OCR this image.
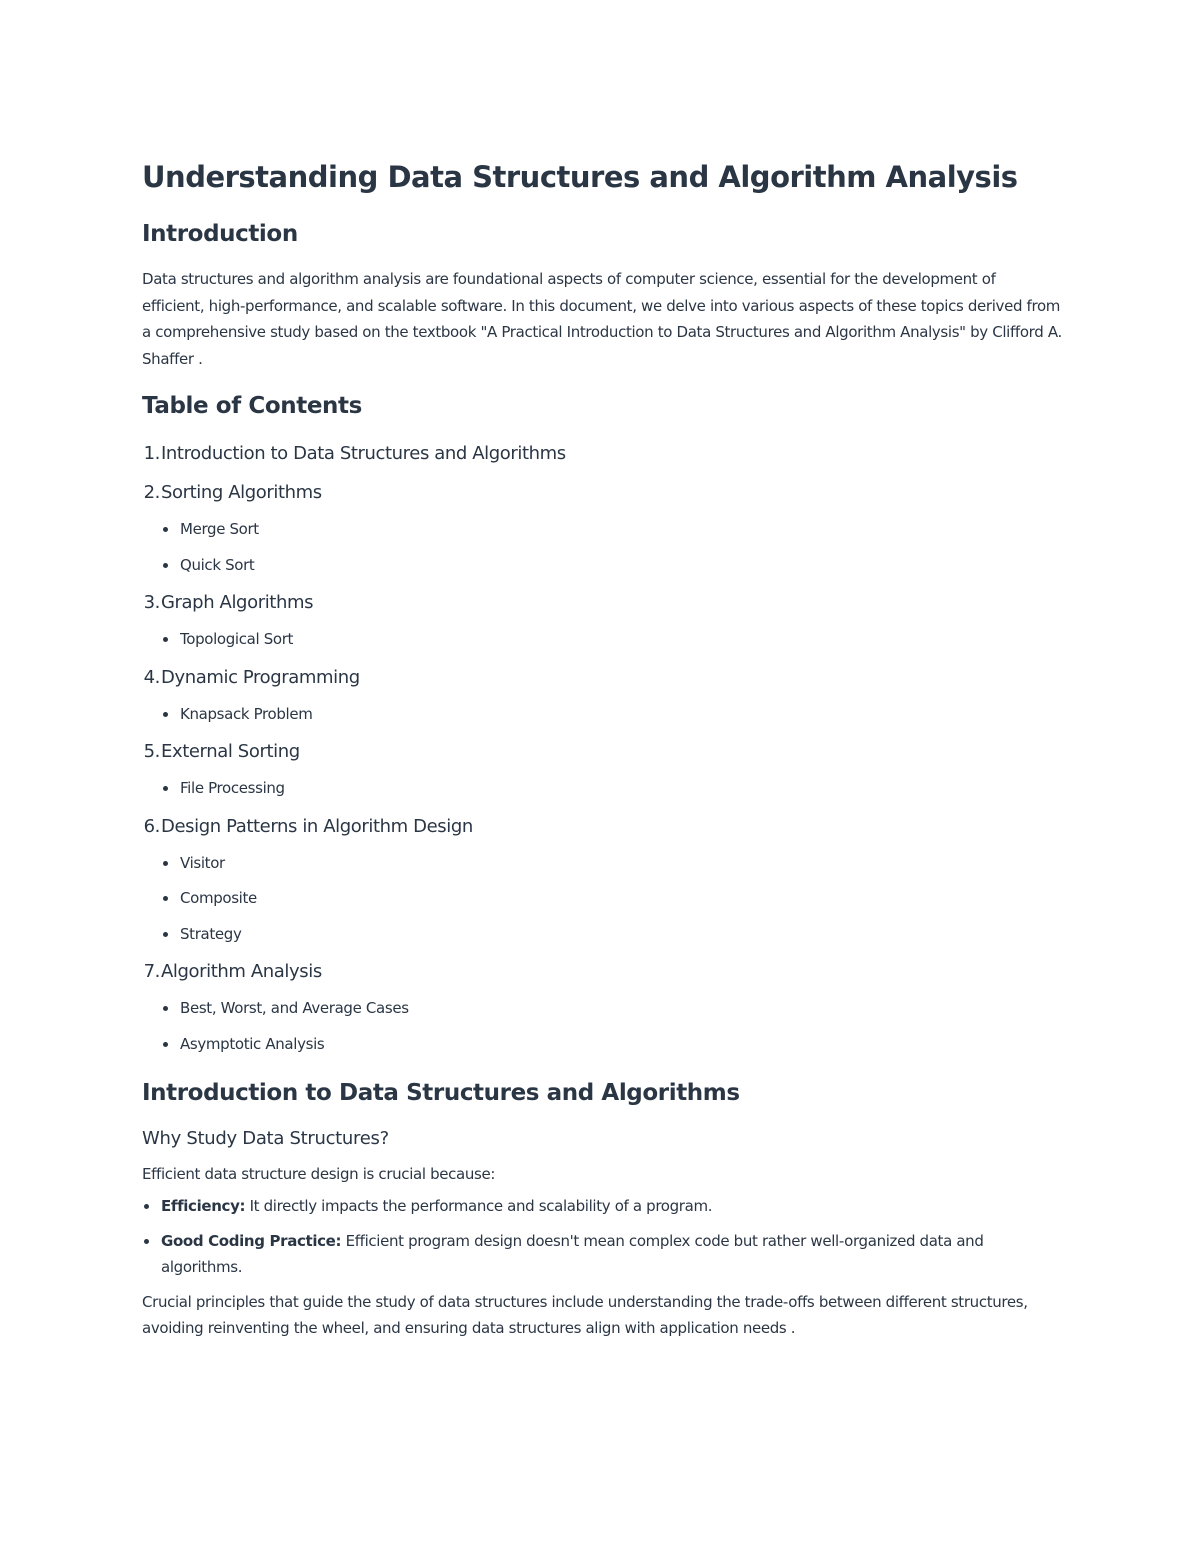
Understanding Data Structures and Algorithm Analysis
Introduction

Data structures and algorithm analysis are foundational aspects of computer science, essential for the development of efficient, high-performance, and scalable software. In this document, we delve into various aspects of these topics derived from a comprehensive study based on the textbook "A Practical Introduction to Data Structures and Algorithm Analysis" by Clifford A. Shaffer .

Table of Contents
1 . Introduction to Data Structures and Algorithms
2 . Sorting Algorithms
Merge Sort
Quick Sort
3 . Graph Algorithms
Topological Sort
4 . Dynamic Programming
Knapsack Problem
5 . External Sorting
File Processing
6 . Design Patterns in Algorithm Design
Visitor
Composite
Strategy
7 . Algorithm Analysis
Best, Worst, and Average Cases
Asymptotic Analysis
Introduction to Data Structures and Algorithms
Why Study Data Structures?

Efficient data structure design is crucial because:

Efficiency: It directly impacts the performance and scalability of a program.
Good Coding Practice: Efficient program design doesn't mean complex code but rather well-organized data and algorithms.

Crucial principles that guide the study of data structures include understanding the trade-offs between different structures, avoiding reinventing the wheel, and ensuring data structures align with application needs .
